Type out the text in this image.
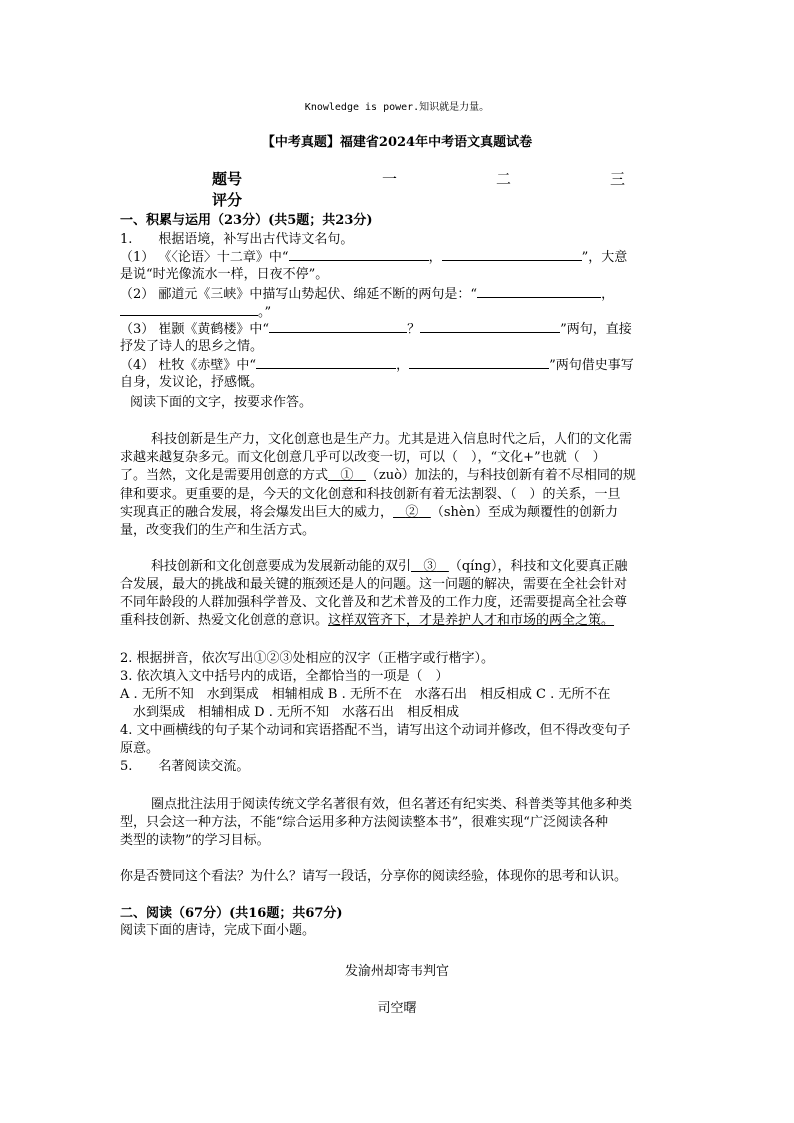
Knowledge is power.知识就是力量。
【中考真题】福建省2024年中考语文真题试卷
题号	一	二	三
评分
一、积累与运用（23分）(共5题；共23分)
1.　　根据语境，补写出古代诗文名句。
（1） 《〈论语〉十二章》中“	，	”，大意
是说“时光像流水一样，日夜不停”。
（2） 郦道元《三峡》中描写山势起伏、绵延不断的两句是：“	，
。”
（3） 崔颢《黄鹤楼》中“	？	”两句，直接
抒发了诗人的思乡之情。
（4） 杜牧《赤壁》中“	，	”两句借史事写
自身，发议论，抒感慨。
阅读下面的文字，按要求作答。
科技创新是生产力，文化创意也是生产力。尤其是进入信息时代之后，人们的文化需
求越来越复杂多元。而文化创意几乎可以改变一切，可以（　），“文化+”也就（　）
了。当然，文化是需要用创意的方式 ① （zuò）加法的，与科技创新有着不尽相同的规
律和要求。更重要的是，今天的文化创意和科技创新有着无法割裂、（　）的关系，一旦
实现真正的融合发展，将会爆发出巨大的威力， ② （shèn）至成为颠覆性的创新力
量，改变我们的生产和生活方式。
科技创新和文化创意要成为发展新动能的双引 ③ （qíng），科技和文化要真正融
合发展，最大的挑战和最关键的瓶颈还是人的问题。这一问题的解决，需要在全社会针对
不同年龄段的人群加强科学普及、文化普及和艺术普及的工作力度，还需要提高全社会尊
重科技创新、热爱文化创意的意识。这样双管齐下，才是养护人才和市场的两全之策。
2. 根据拼音，依次写出①②③处相应的汉字（正楷字或行楷字）。
3. 依次填入文中括号内的成语，全都恰当的一项是（　）
A . 无所不知　水到渠成　相辅相成 B . 无所不在　水落石出　相反相成 C . 无所不在
水到渠成　相辅相成 D . 无所不知　水落石出　相反相成
4. 文中画横线的句子某个动词和宾语搭配不当，请写出这个动词并修改，但不得改变句子
原意。
5.　　名著阅读交流。
圈点批注法用于阅读传统文学名著很有效，但名著还有纪实类、科普类等其他多种类
型，只会这一种方法，不能“综合运用多种方法阅读整本书”，很难实现“广泛阅读各种
类型的读物”的学习目标。
你是否赞同这个看法？为什么？请写一段话，分享你的阅读经验，体现你的思考和认识。
二、阅读（67分）(共16题；共67分)
阅读下面的唐诗，完成下面小题。
发渝州却寄韦判官
司空曙
